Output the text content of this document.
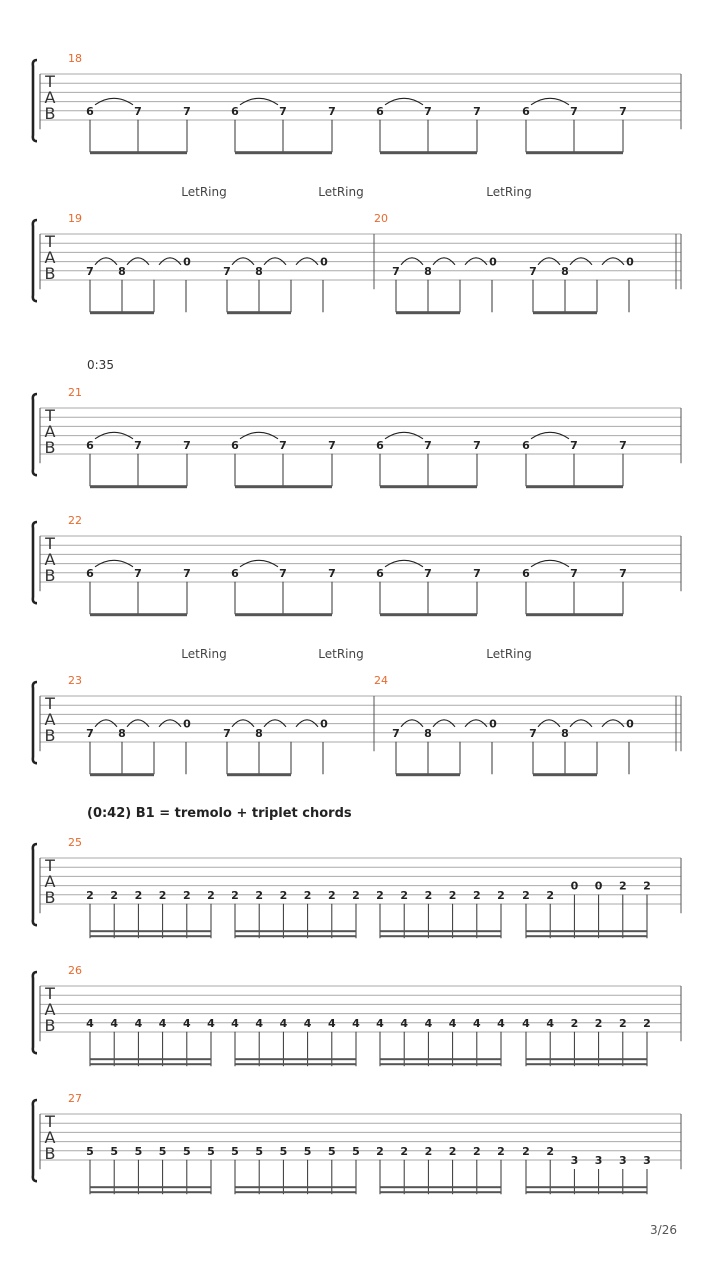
T
A
B
18
6	7	7	6	7	7	6	7	7	6	7	7
T
A
B
LetRing	LetRing	LetRing
19
7 8
0
7 8
0
20
7 8
0
7 8
0
T
A
B
0:35
21
6	7	7	6	7	7	6	7	7	6	7	7
T
A
B
22
6	7	7	6	7	7	6	7	7	6	7	7
T
A
B
LetRing	LetRing	LetRing
23
7 8
0
7 8
0
24
7 8
0
7 8
0
T
A
B
(0:42) B1 = tremolo + triplet chords
25
2 2 2 2 2 2 2 2 2 2 2 2 2 2 2 2 2 2 2 2
0 0 2 2
T
A
B
26
4 4 4 4 4 4 4 4 4 4 4 4 4 4 4 4 4 4 4 4 2 2 2 2
T
A
B
27
5 5 5 5 5 5 5 5 5 5 5 5 2 2 2 2 2 2 2 2
3 3 3 3
3/26
